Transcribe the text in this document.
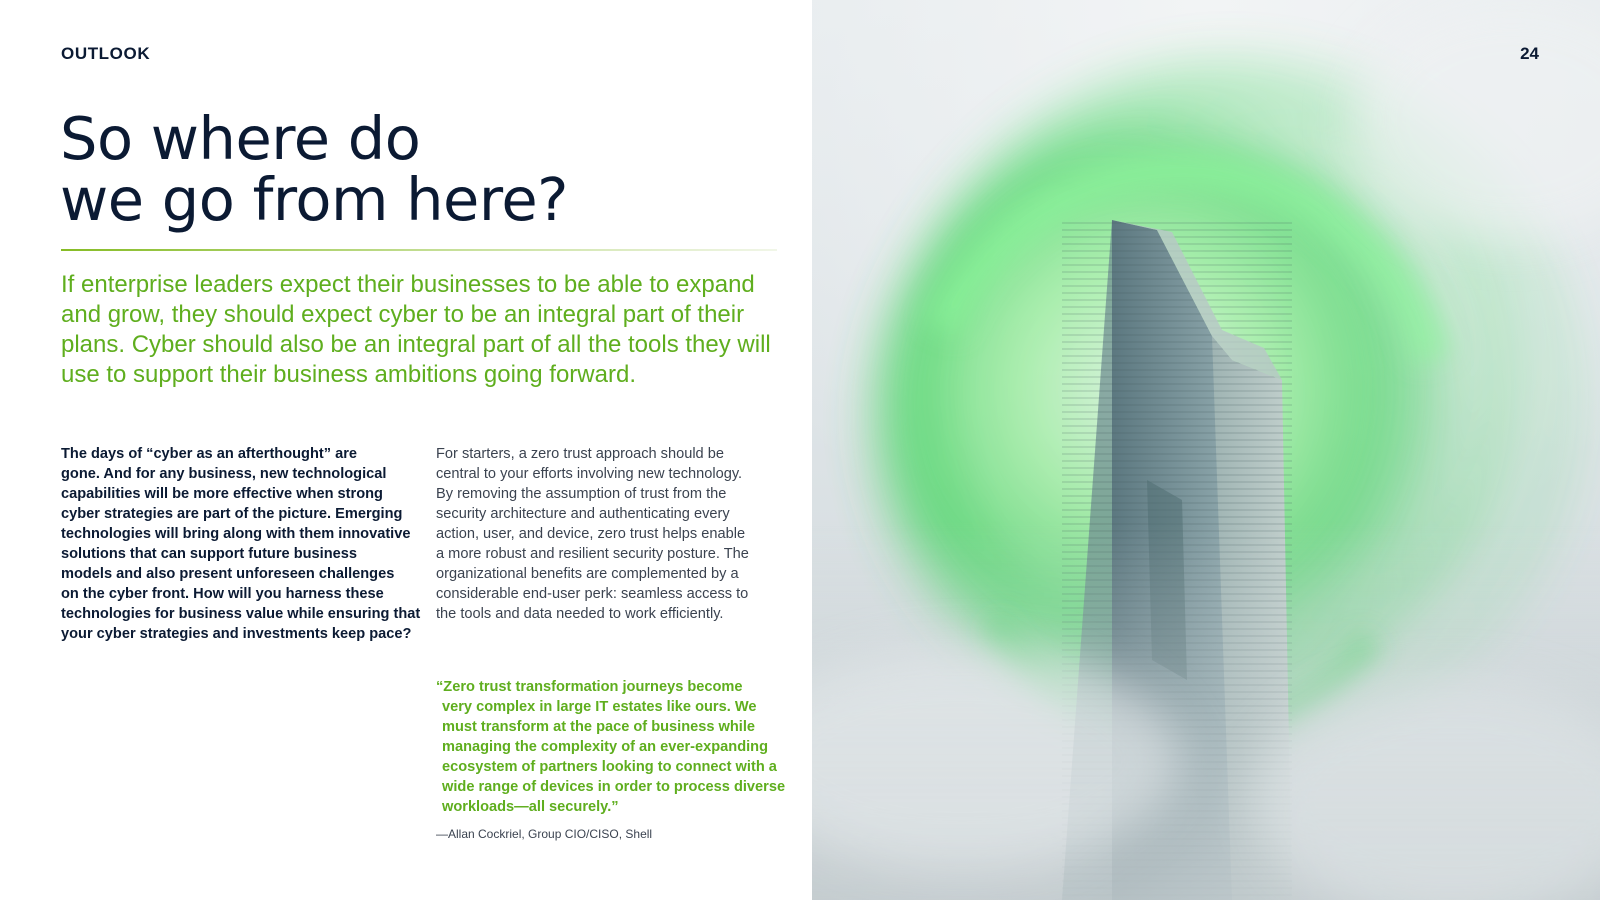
OUTLOOK
So where do
we go from here?

If enterprise leaders expect their businesses to be able to expand
and grow, they should expect cyber to be an integral part of their
plans. Cyber should also be an integral part of all the tools they will
use to support their business ambitions going forward.

The days of “cyber as an afterthought” are
gone. And for any business, new technological
capabilities will be more effective when strong
cyber strategies are part of the picture. Emerging
technologies will bring along with them innovative
solutions that can support future business
models and also present unforeseen challenges
on the cyber front. How will you harness these
technologies for business value while ensuring that
your cyber strategies and investments keep pace?

For starters, a zero trust approach should be
central to your efforts involving new technology.
By removing the assumption of trust from the
security architecture and authenticating every
action, user, and device, zero trust helps enable
a more robust and resilient security posture. The
organizational benefits are complemented by a
considerable end-user perk: seamless access to
the tools and data needed to work efficiently.

“Zero trust transformation journeys become
very complex in large IT estates like ours. We
must transform at the pace of business while
managing the complexity of an ever-expanding
ecosystem of partners looking to connect with a
wide range of devices in order to process diverse
workloads—all securely.”
—Allan Cockriel, Group CIO/CISO, Shell
24
